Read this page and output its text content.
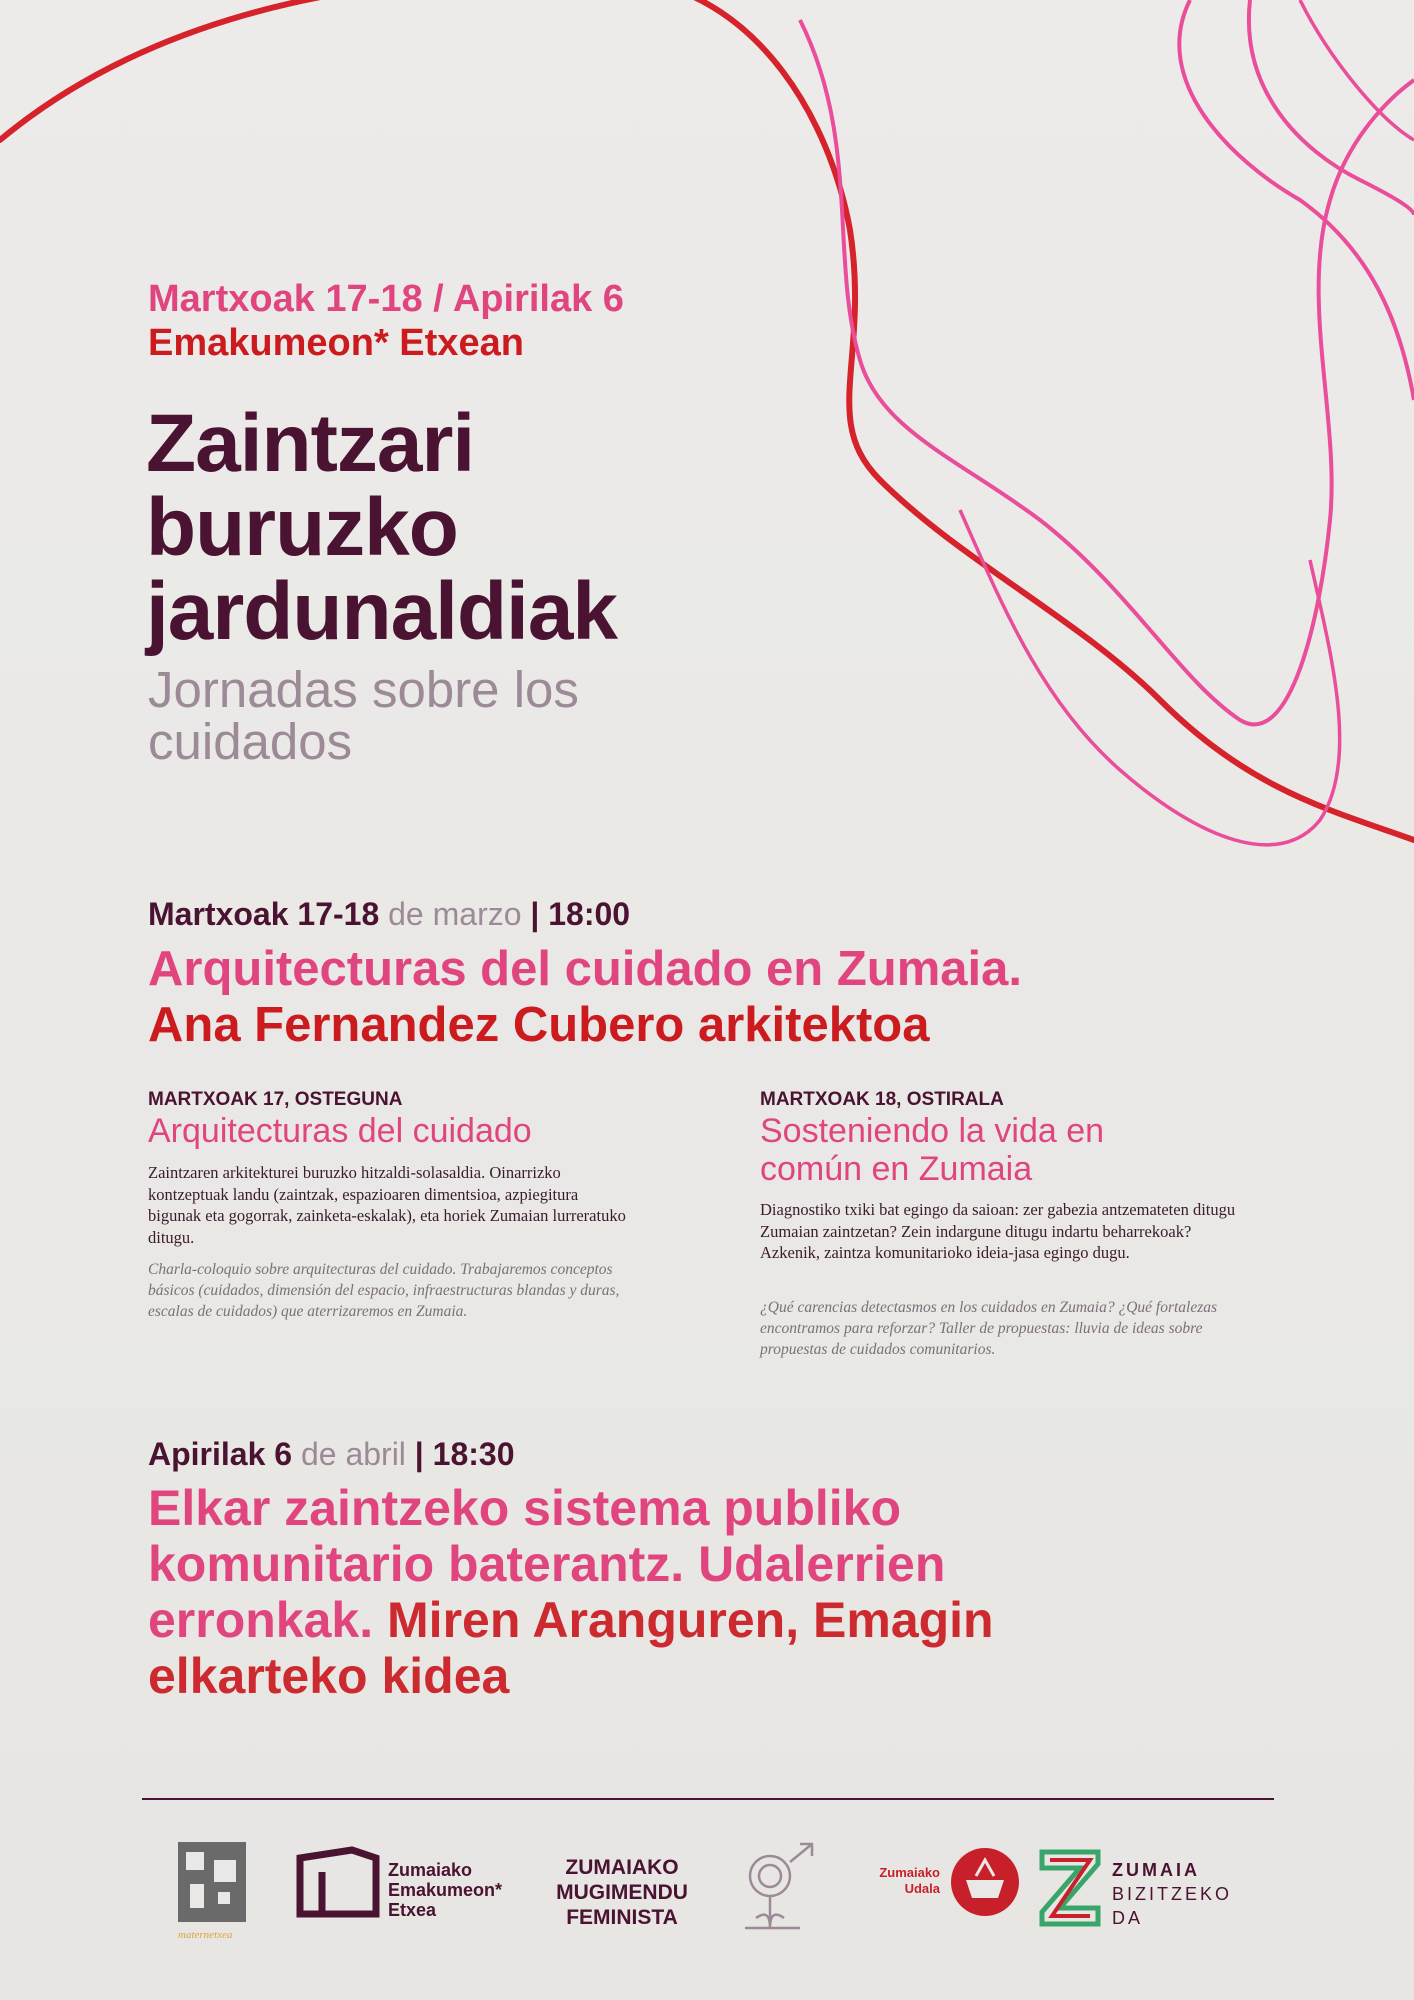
Martxoak 17-18 / Apirilak 6
Emakumeon* Etxean
Zaintzari
buruzko
jardunaldiak
Jornadas sobre los
cuidados
Martxoak 17-18 de marzo | 18:00
Arquitecturas del cuidado en Zumaia.
Ana Fernandez Cubero arkitektoa
MARTXOAK 17, OSTEGUNA
Arquitecturas del cuidado
Zaintzaren arkitekturei buruzko hitzaldi-solasaldia. Oinarrizko kontzeptuak landu (zaintzak, espazioaren dimentsioa, azpiegitura bigunak eta gogorrak, zainketa-eskalak), eta horiek Zumaian lurreratuko ditugu.
Charla-coloquio sobre arquitecturas del cuidado. Trabajaremos conceptos básicos (cuidados, dimensión del espacio, infraestructuras blandas y duras, escalas de cuidados) que aterrizaremos en Zumaia.
MARTXOAK 18, OSTIRALA
Sosteniendo la vida en común en Zumaia
Diagnostiko txiki bat egingo da saioan: zer gabezia antzemateten ditugu Zumaian zaintzetan? Zein indargune ditugu indartu beharrekoak? Azkenik, zaintza komunitarioko ideia-jasa egingo dugu.
¿Qué carencias detectasmos en los cuidados en Zumaia? ¿Qué fortalezas encontramos para reforzar? Taller de propuestas: lluvia de ideas sobre propuestas de cuidados comunitarios.
Apirilak 6 de abril | 18:30
Elkar zaintzeko sistema publiko komunitario baterantz. Udalerrien erronkak. Miren Aranguren, Emagin elkarteko kidea
maternetxea
Zumaiako
Emakumeon*
Etxea
ZUMAIAKO
MUGIMENDU
FEMINISTA
Zumaiako
Udala
ZUMAIA
BIZITZEKO
DA
